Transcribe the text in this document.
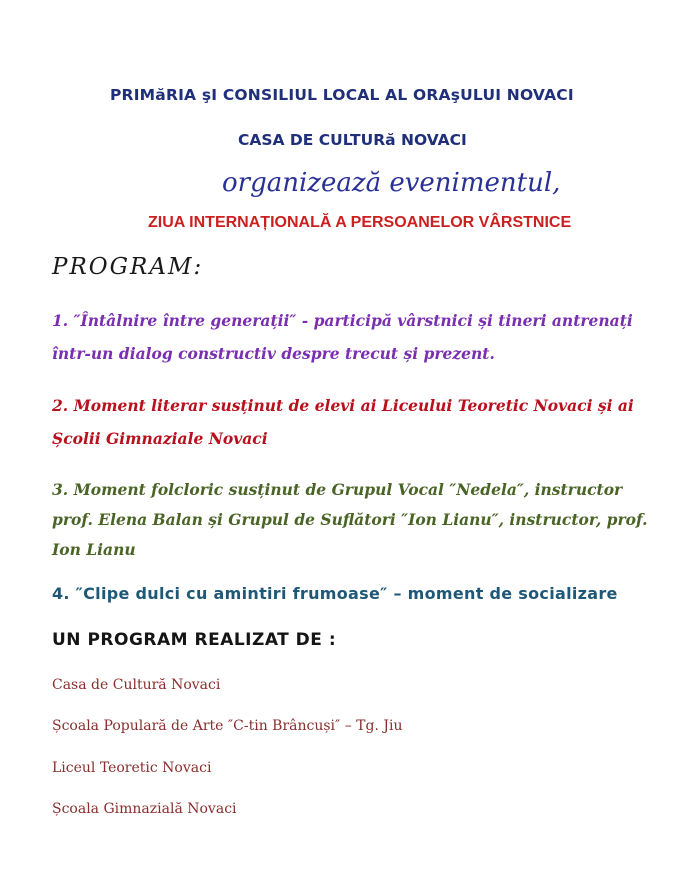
PRIMăRIA şI CONSILIUL LOCAL AL ORAşULUI NOVACI
CASA DE CULTURă NOVACI
organizează evenimentul,
ZIUA INTERNAȚIONALĂ A PERSOANELOR VÂRSTNICE
PROGRAM:
1. ″Întâlnire între generații″ - participă vârstnici și tineri antrenați într-un dialog constructiv despre trecut și prezent.
2. Moment literar susținut de elevi ai Liceului Teoretic Novaci și ai Școlii Gimnaziale Novaci
3. Moment folcloric susținut de Grupul Vocal ″Nedela″, instructor prof. Elena Balan și Grupul de Suflători ″Ion Lianu″, instructor, prof. Ion Lianu
4. ″Clipe dulci cu amintiri frumoase″ – moment de socializare
UN PROGRAM REALIZAT DE :
Casa de Cultură Novaci
Școala Populară de Arte ″C-tin Brâncuși″ – Tg. Jiu
Liceul Teoretic Novaci
Școala Gimnazială Novaci
